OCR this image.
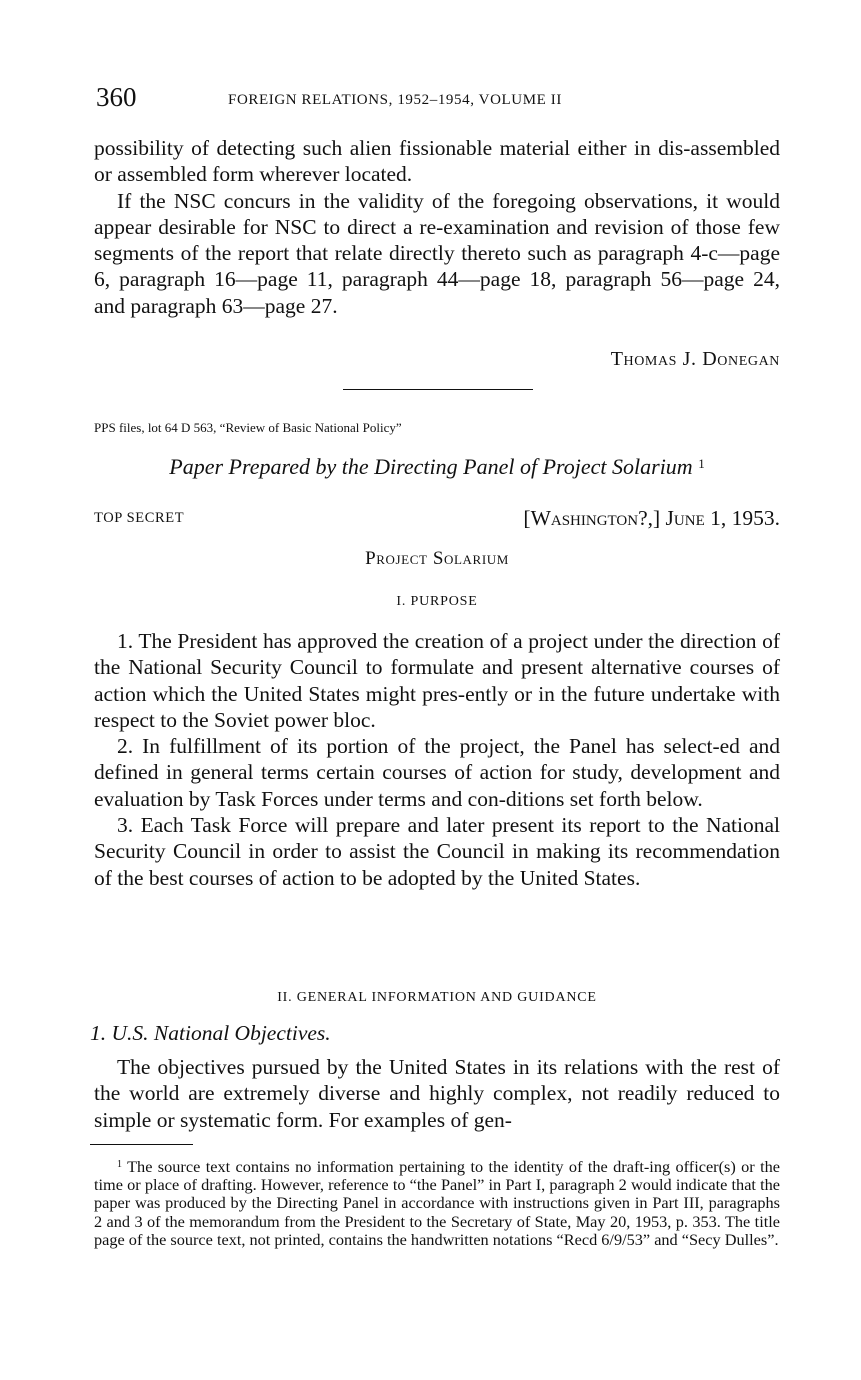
360	FOREIGN RELATIONS, 1952–1954, VOLUME II

possibility of detecting such alien fissionable material either in dis-assembled or assembled form wherever located.

If the NSC concurs in the validity of the foregoing observations, it would appear desirable for NSC to direct a re-examination and revision of those few segments of the report that relate directly thereto such as paragraph 4-c—page 6, paragraph 16—page 11, paragraph 44—page 18, paragraph 56—page 24, and paragraph 63—page 27.

Thomas J. Donegan
PPS files, lot 64 D 563, “Review of Basic National Policy”
Paper Prepared by the Directing Panel of Project Solarium $^1$
TOP SECRET	[Washington?,] June 1, 1953.
Project Solarium
I. PURPOSE

1. The President has approved the creation of a project under the direction of the National Security Council to formulate and present alternative courses of action which the United States might pres-ently or in the future undertake with respect to the Soviet power bloc.

2. In fulfillment of its portion of the project, the Panel has select-ed and defined in general terms certain courses of action for study, development and evaluation by Task Forces under terms and con-ditions set forth below.

3. Each Task Force will prepare and later present its report to the National Security Council in order to assist the Council in making its recommendation of the best courses of action to be adopted by the United States.

II. GENERAL INFORMATION AND GUIDANCE
1. U.S. National Objectives.

The objectives pursued by the United States in its relations with the rest of the world are extremely diverse and highly complex, not readily reduced to simple or systematic form. For examples of gen-

$^1$ The source text contains no information pertaining to the identity of the draft-ing officer(s) or the time or place of drafting. However, reference to “the Panel” in Part I, paragraph 2 would indicate that the paper was produced by the Directing Panel in accordance with instructions given in Part III, paragraphs 2 and 3 of the memorandum from the President to the Secretary of State, May 20, 1953, p. 353. The title page of the source text, not printed, contains the handwritten notations “Recd 6/9/53” and “Secy Dulles”.
